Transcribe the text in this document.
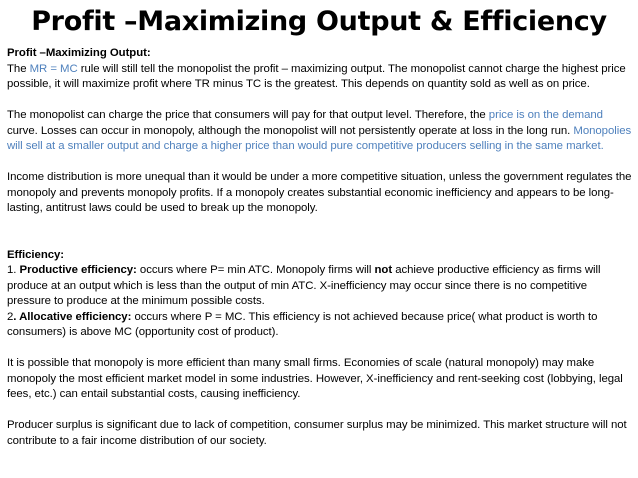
Profit –Maximizing Output & Efficiency

Profit –Maximizing Output:

The MR = MC rule will still tell the monopolist the profit – maximizing output. The monopolist cannot charge the highest price possible, it will maximize profit where TR minus TC is the greatest. This depends on quantity sold as well as on price.

The monopolist can charge the price that consumers will pay for that output level. Therefore, the price is on the demand curve. Losses can occur in monopoly, although the monopolist will not persistently operate at loss in the long run. Monopolies will sell at a smaller output and charge a higher price than would pure competitive producers selling in the same market.

Income distribution is more unequal than it would be under a more competitive situation, unless the government regulates the monopoly and prevents monopoly profits. If a monopoly creates substantial economic inefficiency and appears to be long-lasting, antitrust laws could be used to break up the monopoly.

Efficiency:

1. Productive efficiency: occurs where P= min ATC. Monopoly firms will not achieve productive efficiency as firms will produce at an output which is less than the output of min ATC. X-inefficiency may occur since there is no competitive pressure to produce at the minimum possible costs.

2. Allocative efficiency: occurs where P = MC. This efficiency is not achieved because price( what product is worth to consumers) is above MC (opportunity cost of product).

It is possible that monopoly is more efficient than many small firms. Economies of scale (natural monopoly) may make monopoly the most efficient market model in some industries. However, X-inefficiency and rent-seeking cost (lobbying, legal fees, etc.) can entail substantial costs, causing inefficiency.

Producer surplus is significant due to lack of competition, consumer surplus may be minimized. This market structure will not contribute to a fair income distribution of our society.
